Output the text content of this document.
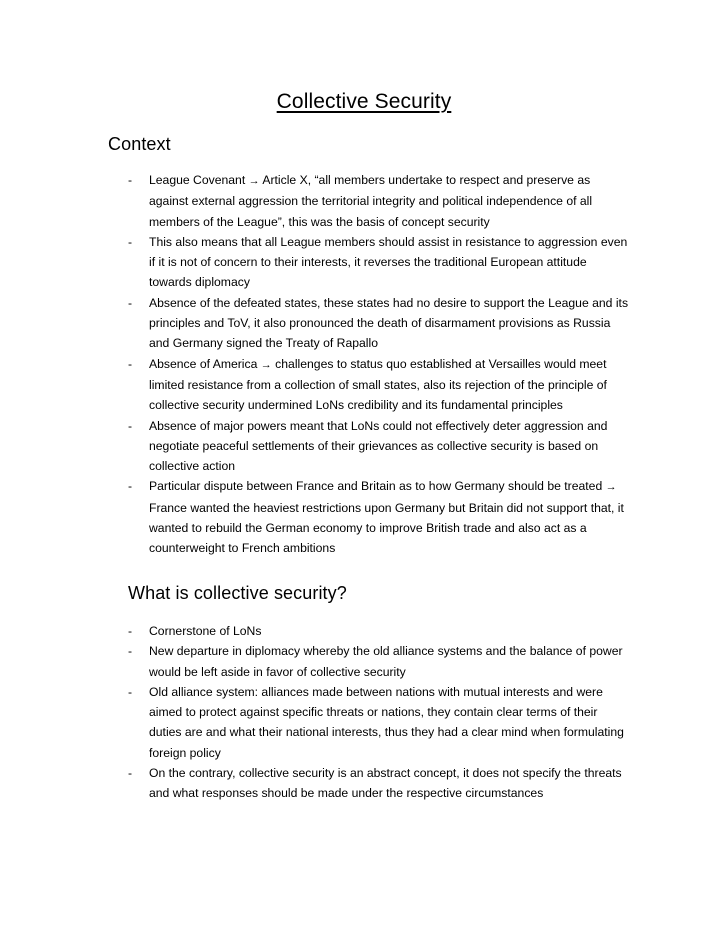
Collective Security
Context
- League Covenant → Article X, “all members undertake to respect and preserve as against external aggression the territorial integrity and political independence of all members of the League”, this was the basis of concept security
- This also means that all League members should assist in resistance to aggression even if it is not of concern to their interests, it reverses the traditional European attitude towards diplomacy
- Absence of the defeated states, these states had no desire to support the League and its principles and ToV, it also pronounced the death of disarmament provisions as Russia and Germany signed the Treaty of Rapallo
- Absence of America → challenges to status quo established at Versailles would meet limited resistance from a collection of small states, also its rejection of the principle of collective security undermined LoNs credibility and its fundamental principles
- Absence of major powers meant that LoNs could not effectively deter aggression and negotiate peaceful settlements of their grievances as collective security is based on collective action
- Particular dispute between France and Britain as to how Germany should be treated → France wanted the heaviest restrictions upon Germany but Britain did not support that, it wanted to rebuild the German economy to improve British trade and also act as a counterweight to French ambitions
What is collective security?
- Cornerstone of LoNs
- New departure in diplomacy whereby the old alliance systems and the balance of power would be left aside in favor of collective security
- Old alliance system: alliances made between nations with mutual interests and were aimed to protect against specific threats or nations, they contain clear terms of their duties are and what their national interests, thus they had a clear mind when formulating foreign policy
- On the contrary, collective security is an abstract concept, it does not specify the threats and what responses should be made under the respective circumstances
